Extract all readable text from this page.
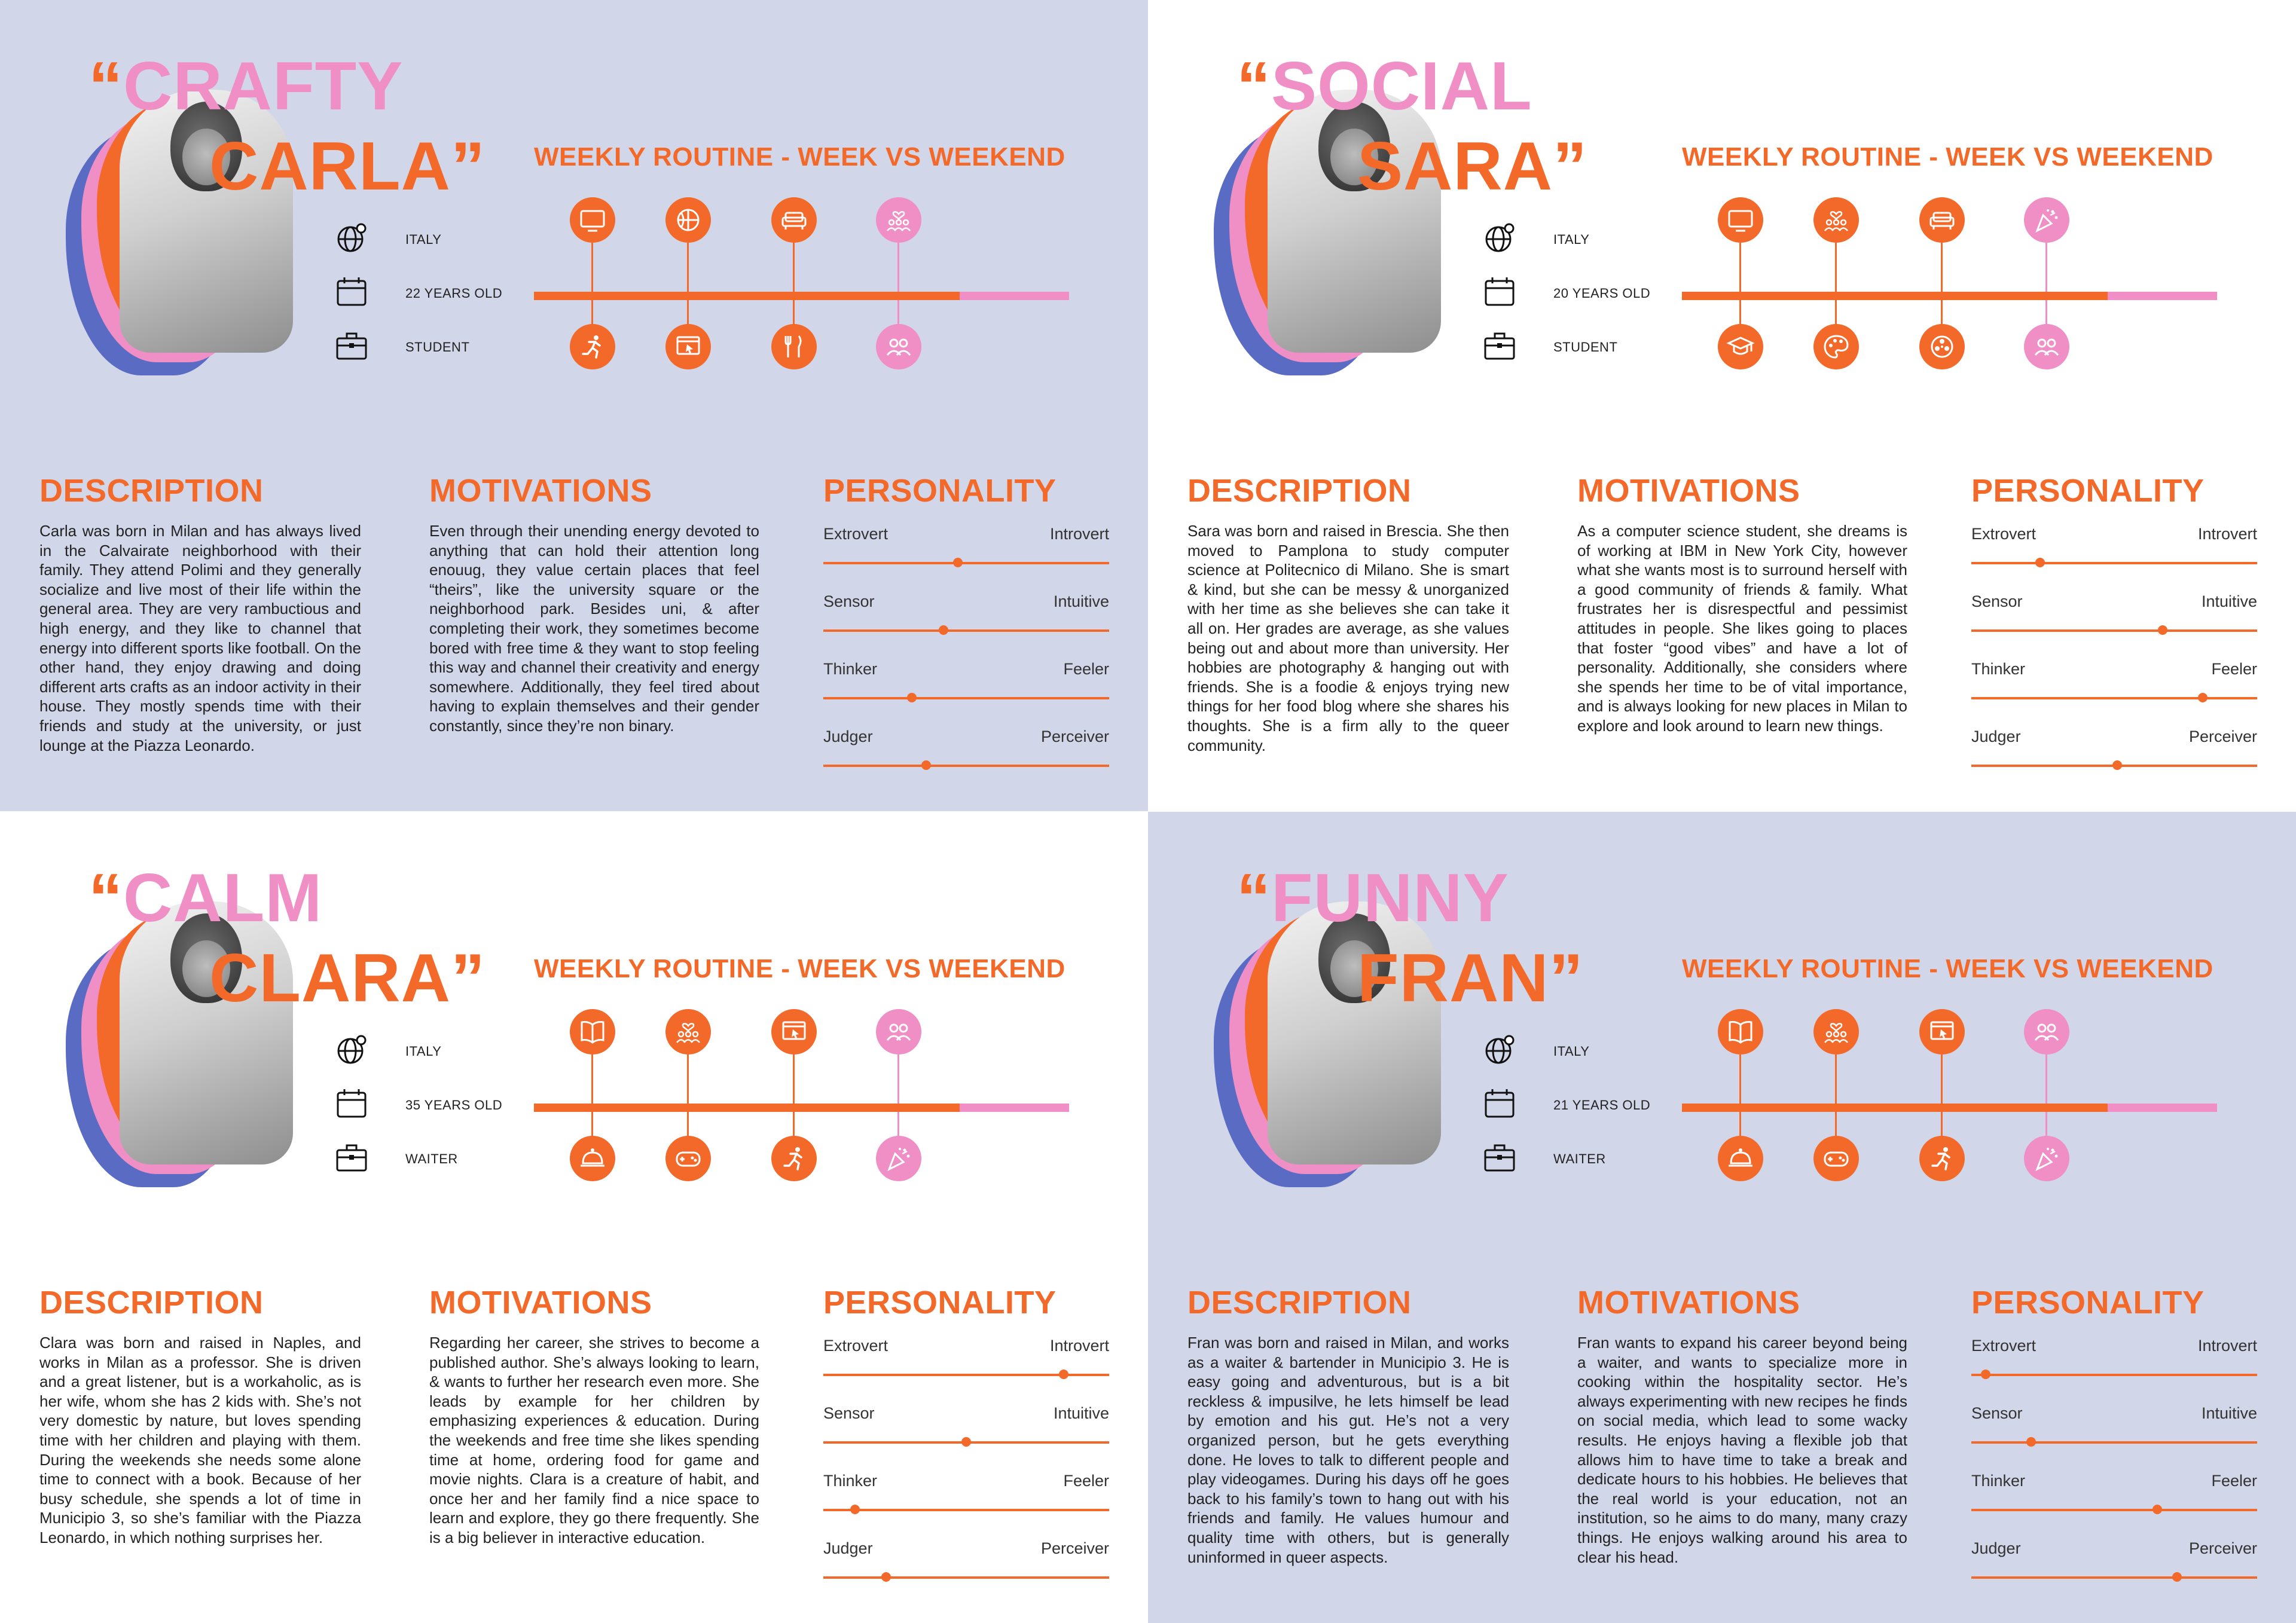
“CRAFTY
CARLA” WEEKLY ROUTINE - WEEK VS WEEKEND
ITALY
22 YEARS OLD
STUDENT
DESCRIPTION

Carla was born in Milan and has always lived in the Calvairate neighborhood with their family. They attend Polimi and they generally socialize and live most of their life within the general area. They are very rambuctious and high energy, and they like to channel that energy into different sports like football. On the other hand, they enjoy drawing and doing different arts crafts as an indoor activity in their house. They mostly spends time with their friends and study at the university, or just lounge at the Piazza Leonardo.

MOTIVATIONS

Even through their unending energy devoted to anything that can hold their attention long enouug, they value certain places that feel “theirs”, like the university square or the neighborhood park. Besides uni, & after completing their work, they sometimes become bored with free time & they want to stop feeling this way and channel their creativity and energy somewhere. Additionally, they feel tired about having to explain themselves and their gender constantly, since they’re non binary.

PERSONALITY
Extrovert	Introvert
Sensor	Intuitive
Thinker	Feeler
Judger	Perceiver
“SOCIAL
SARA”	WEEKLY ROUTINE - WEEK VS WEEKEND
ITALY
20 YEARS OLD
STUDENT
DESCRIPTION

Sara was born and raised in Brescia. She then moved to Pamplona to study computer science at Politecnico di Milano. She is smart & kind, but she can be messy & unorganized with her time as she believes she can take it all on. Her grades are average, as she values being out and about more than university. Her hobbies are photography & hanging out with friends. She is a foodie & enjoys trying new things for her food blog where she shares his thoughts. She is a firm ally to the queer community.

MOTIVATIONS

As a computer science student, she dreams is of working at IBM in New York City, however what she wants most is to surround herself with a good community of friends & family. What frustrates her is disrespectful and pessimist attitudes in people. She likes going to places that foster “good vibes” and have a lot of personality. Additionally, she considers where she spends her time to be of vital importance, and is always looking for new places in Milan to explore and look around to learn new things.

PERSONALITY
Extrovert	Introvert
Sensor	Intuitive
Thinker	Feeler
Judger	Perceiver
“CALM
CLARA” WEEKLY ROUTINE - WEEK VS WEEKEND
ITALY
35 YEARS OLD
WAITER
DESCRIPTION

Clara was born and raised in Naples, and works in Milan as a professor. She is driven and a great listener, but is a workaholic, as is her wife, whom she has 2 kids with. She’s not very domestic by nature, but loves spending time with her children and playing with them. During the weekends she needs some alone time to connect with a book. Because of her busy schedule, she spends a lot of time in Municipio 3, so she’s familiar with the Piazza Leonardo, in which nothing surprises her.

MOTIVATIONS

Regarding her career, she strives to become a published author. She’s always looking to learn, & wants to further her research even more. She leads by example for her children by emphasizing experiences & education. During the weekends and free time she likes spending time at home, ordering food for game and movie nights. Clara is a creature of habit, and once her and her family find a nice space to learn and explore, they go there frequently. She is a big believer in interactive education.

PERSONALITY
Extrovert	Introvert
Sensor	Intuitive
Thinker	Feeler
Judger	Perceiver
“FUNNY
FRAN”	WEEKLY ROUTINE - WEEK VS WEEKEND
ITALY
21 YEARS OLD
WAITER
DESCRIPTION

Fran was born and raised in Milan, and works as a waiter & bartender in Municipio 3. He is easy going and adventurous, but is a bit reckless & impusilve, he lets himself be lead by emotion and his gut. He’s not a very organized person, but he gets everything done. He loves to talk to different people and play videogames. During his days off he goes back to his family’s town to hang out with his friends and family. He values humour and quality time with others, but is generally uninformed in queer aspects.

MOTIVATIONS

Fran wants to expand his career beyond being a waiter, and wants to specialize more in cooking within the hospitality sector. He’s always experimenting with new recipes he finds on social media, which lead to some wacky results. He enjoys having a flexible job that allows him to have time to take a break and dedicate hours to his hobbies. He believes that the real world is your education, not an institution, so he aims to do many, many crazy things. He enjoys walking around his area to clear his head.

PERSONALITY
Extrovert	Introvert
Sensor	Intuitive
Thinker	Feeler
Judger	Perceiver
